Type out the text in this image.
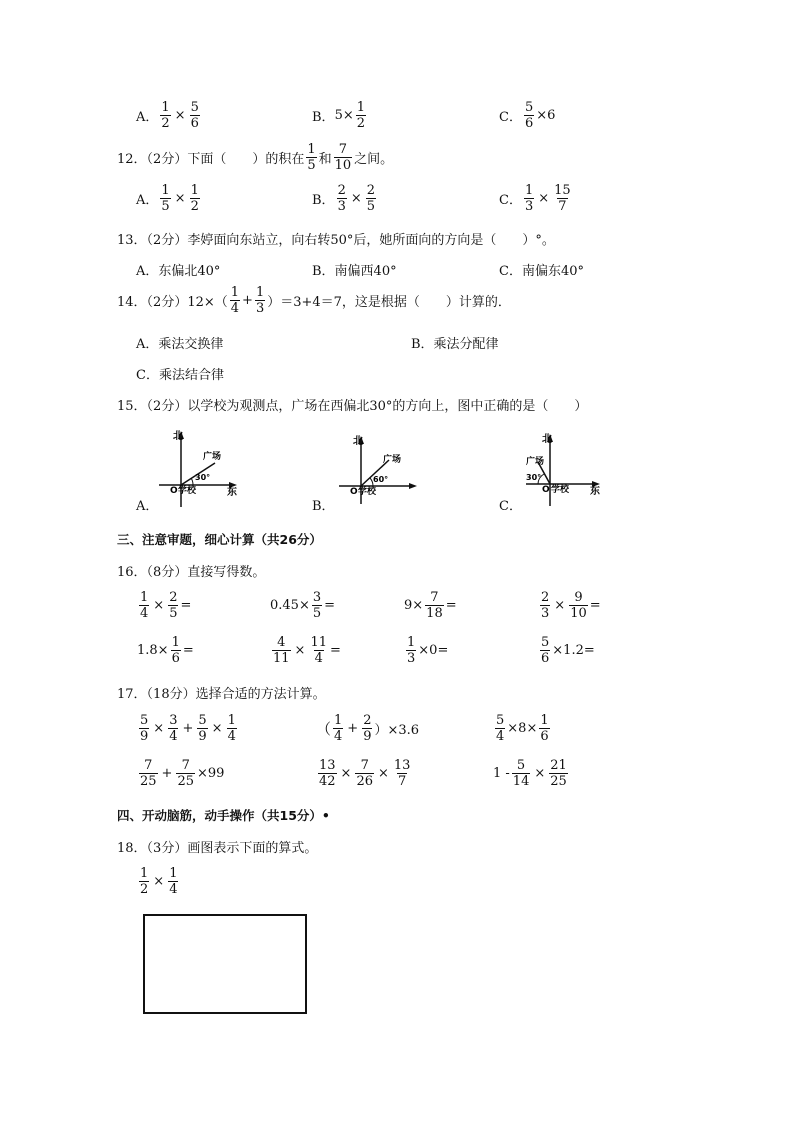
A． $\frac{1}{2} \times \frac{5}{6}$	B． $5\times \frac{1}{2}$	C． $\frac{5}{6} \times 6$
12．（2分）下面（　　）的积在 $\frac{1}{5}$ 和 $\frac{7}{10}$ 之间。
A． $\frac{1}{5} \times \frac{1}{2}$	B． $\frac{2}{3} \times \frac{2}{5}$	C． $\frac{1}{3} \times \frac{15}{7}$
13．（2分）李婷面向东站立，向右转50°后，她所面向的方向是（　　）°。
A．东偏北40°	B．南偏西40°	C．南偏东40°
14．（2分）$12\times( \frac{1}{4} + \frac{1}{3} )=3+4=7$，这是根据（　　）计算的．
A．乘法交换律	B．乘法分配律
C．乘法结合律
15．（2分）以学校为观测点，广场在西偏北30°的方向上，图中正确的是（　　）
A．
北
广场
30°
O 学校	东
B．
北
广场
60°
O 学校
C．
北
广场
30°
O 学校 东
三、注意审题，细心计算（共26分）
16．（8分）直接写得数。
$\frac{1}{4} \times \frac{2}{5}$ =	$0.45\times \frac{3}{5}$ =	$9\times \frac{7}{18}$ =	$\frac{2}{3} \times \frac{9}{10}$ =
$1.8\times \frac{1}{6}$ =	$\frac{4}{11} \times \frac{11}{4}$ =	$\frac{1}{3} \times 0=$	$\frac{5}{6} \times 1.2=$
17．（18分）选择合适的方法计算。
$\frac{5}{9} \times \frac{3}{4} + \frac{5}{9} \times \frac{1}{4}$	（ $\frac{1}{4} + \frac{2}{9} )\times 3.6$	$\frac{5}{4} \times 8\times \frac{1}{6}$
$\frac{7}{25} + \frac{7}{25} \times 99$	$\frac{13}{42} \times \frac{7}{26} \times \frac{13}{7}$	$1 - \frac{5}{14} \times \frac{21}{25}$
四、开动脑筋，动手操作（共15分）•
18．（3分）画图表示下面的算式。
$\frac{1}{2} \times \frac{1}{4}$
